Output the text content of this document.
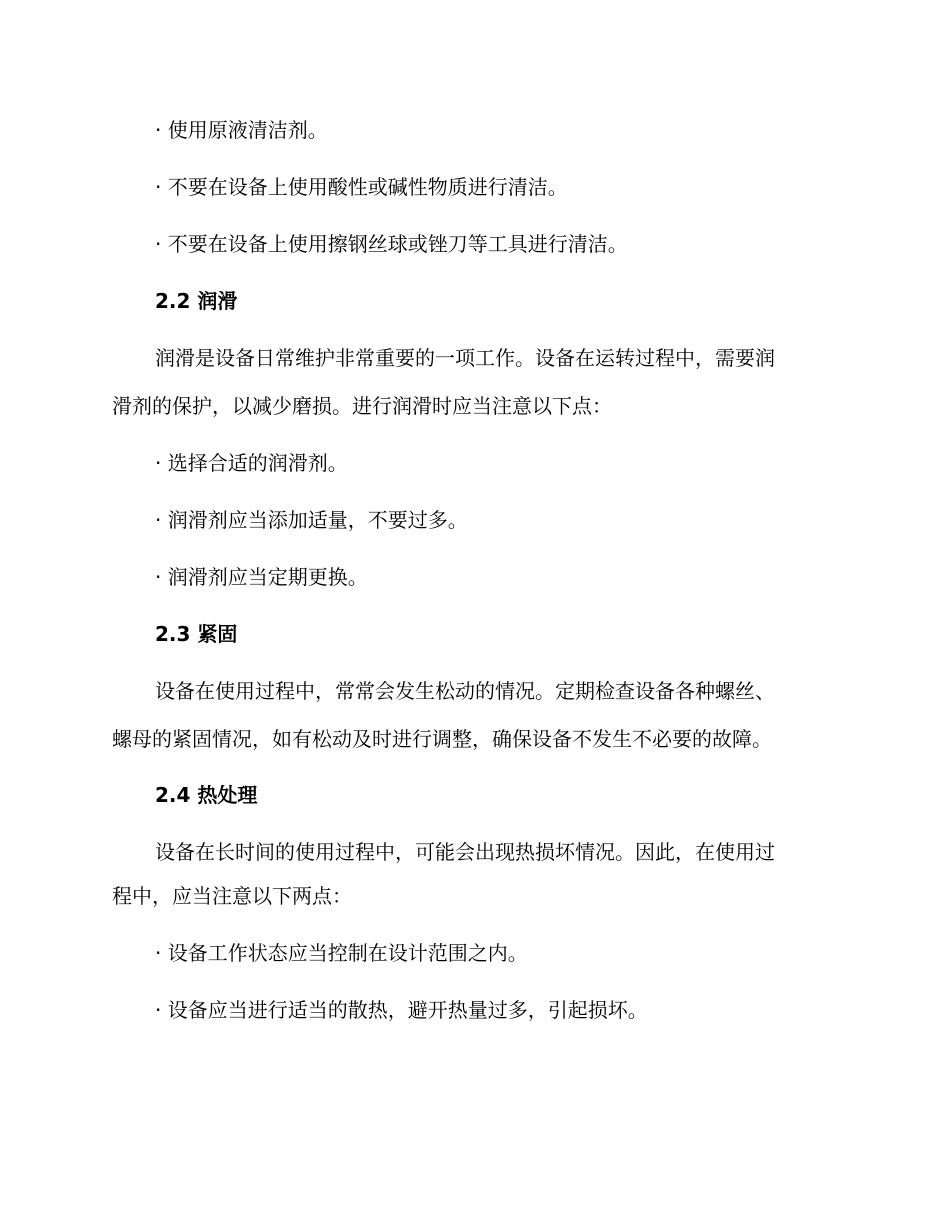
· 使用原液清洁剂。
· 不要在设备上使用酸性或碱性物质进行清洁。
· 不要在设备上使用擦钢丝球或锉刀等工具进行清洁。
2.2 润滑
润滑是设备日常维护非常重要的一项工作。设备在运转过程中，需要润
滑剂的保护，以减少磨损。进行润滑时应当注意以下点：
· 选择合适的润滑剂。
· 润滑剂应当添加适量，不要过多。
· 润滑剂应当定期更换。
2.3 紧固
设备在使用过程中，常常会发生松动的情况。定期检查设备各种螺丝、
螺母的紧固情况，如有松动及时进行调整，确保设备不发生不必要的故障。
2.4 热处理
设备在长时间的使用过程中，可能会出现热损坏情况。因此，在使用过
程中，应当注意以下两点：
· 设备工作状态应当控制在设计范围之内。
· 设备应当进行适当的散热，避开热量过多，引起损坏。
